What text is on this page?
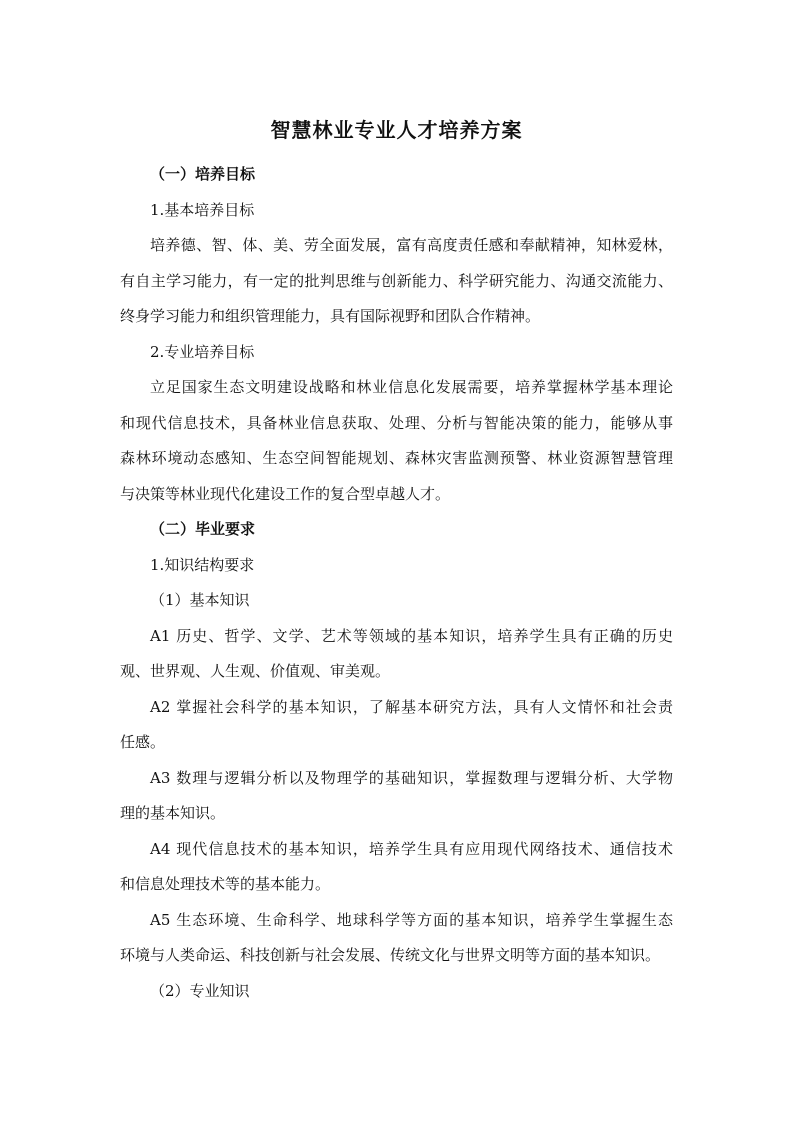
智慧林业专业人才培养方案
（一）培养目标
1.基本培养目标
培养德、智、体、美、劳全面发展，富有高度责任感和奉献精神，知林爱林，
有自主学习能力，有一定的批判思维与创新能力、科学研究能力、沟通交流能力、
终身学习能力和组织管理能力，具有国际视野和团队合作精神。
2.专业培养目标
立足国家生态文明建设战略和林业信息化发展需要，培养掌握林学基本理论
和现代信息技术，具备林业信息获取、处理、分析与智能决策的能力，能够从事
森林环境动态感知、生态空间智能规划、森林灾害监测预警、林业资源智慧管理
与决策等林业现代化建设工作的复合型卓越人才。
（二）毕业要求
1.知识结构要求
（1）基本知识
A1 历史、哲学、文学、艺术等领域的基本知识，培养学生具有正确的历史
观、世界观、人生观、价值观、审美观。
A2 掌握社会科学的基本知识，了解基本研究方法，具有人文情怀和社会责
任感。
A3 数理与逻辑分析以及物理学的基础知识，掌握数理与逻辑分析、大学物
理的基本知识。
A4 现代信息技术的基本知识，培养学生具有应用现代网络技术、通信技术
和信息处理技术等的基本能力。
A5 生态环境、生命科学、地球科学等方面的基本知识，培养学生掌握生态
环境与人类命运、科技创新与社会发展、传统文化与世界文明等方面的基本知识。
（2）专业知识
